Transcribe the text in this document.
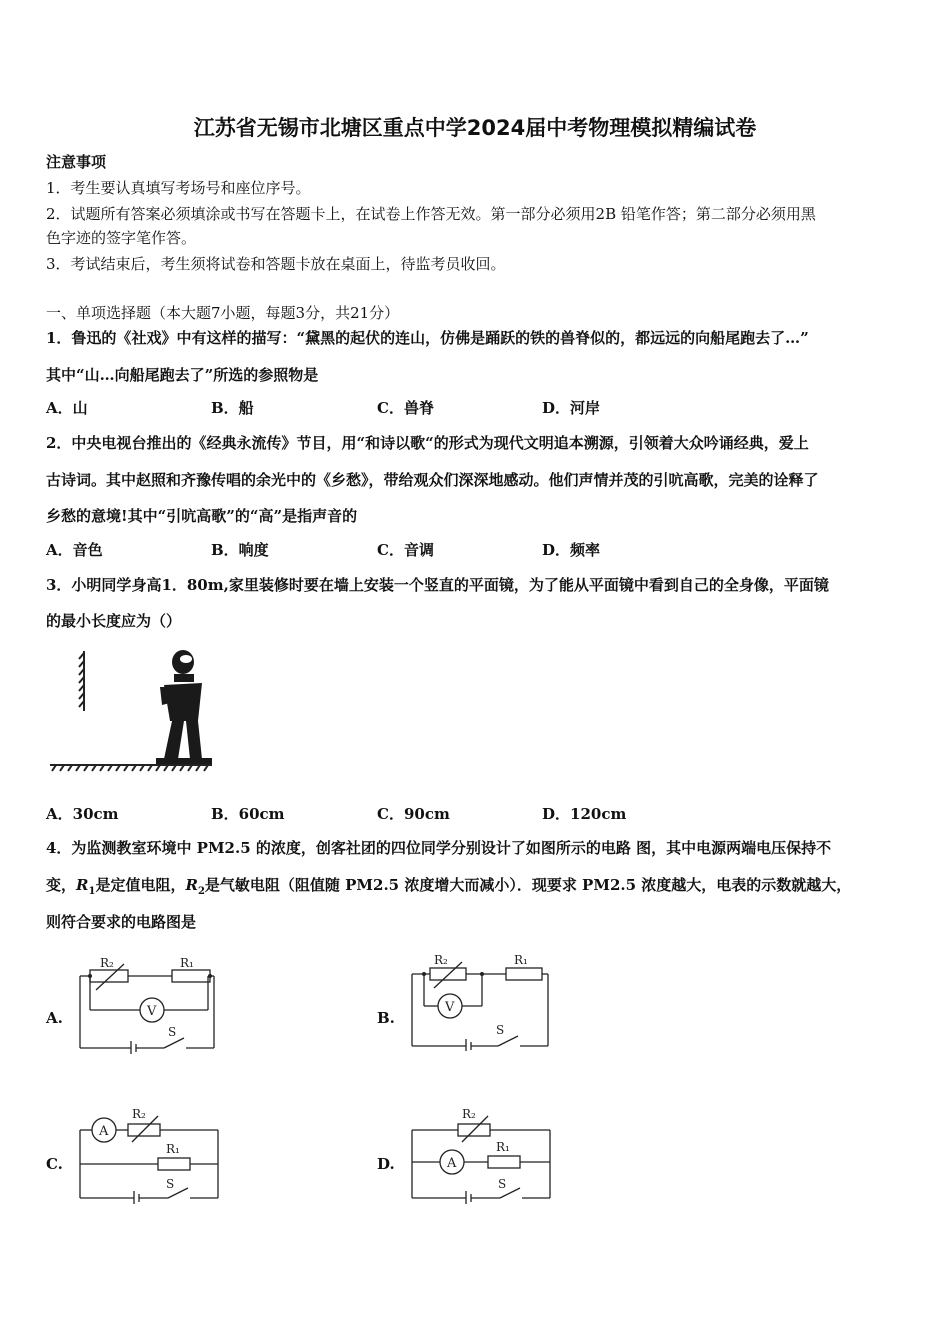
江苏省无锡市北塘区重点中学2024届中考物理模拟精编试卷
注意事项
1．考生要认真填写考场号和座位序号。
2．试题所有答案必须填涂或书写在答题卡上，在试卷上作答无效。第一部分必须用2B 铅笔作答；第二部分必须用黑
色字迹的签字笔作答。
3．考试结束后，考生须将试卷和答题卡放在桌面上，待监考员收回。
一、单项选择题（本大题7小题，每题3分，共21分）
1．鲁迅的《社戏》中有这样的描写：“黛黑的起伏的连山，仿佛是踊跃的铁的兽脊似的，都远远的向船尾跑去了…”
其中“山…向船尾跑去了”所选的参照物是
A．山	B．船	C．兽脊	D．河岸
2．中央电视台推出的《经典永流传》节目，用“和诗以歌“的形式为现代文明追本溯源，引领着大众吟诵经典，爱上
古诗词。其中赵照和齐豫传唱的余光中的《乡愁》，带给观众们深深地感动。他们声情并茂的引吭高歌，完美的诠释了
乡愁的意境!其中“引吭高歌”的“高”是指声音的
A．音色	B．响度	C．音调	D．频率
3．小明同学身高1．80m,家里装修时要在墙上安装一个竖直的平面镜，为了能从平面镜中看到自己的全身像，平面镜
的最小长度应为（）
A．30cm	B．60cm	C．90cm	D．120cm
4．为监测教室环境中 PM2.5 的浓度，创客社团的四位同学分别设计了如图所示的电路 图，其中电源两端电压保持不
变，$R_1$是定值电阻，$R_2$是气敏电阻（阻值随 PM2.5 浓度增大而减小）．现要求 PM2.5 浓度越大，电表的示数就越大，
则符合要求的电路图是
A.
R₂	R₁
V
S
B.
R₂	R₁
V
S
C.
A
R₂
R₁
S
D.	A
R₂
R₁
S
